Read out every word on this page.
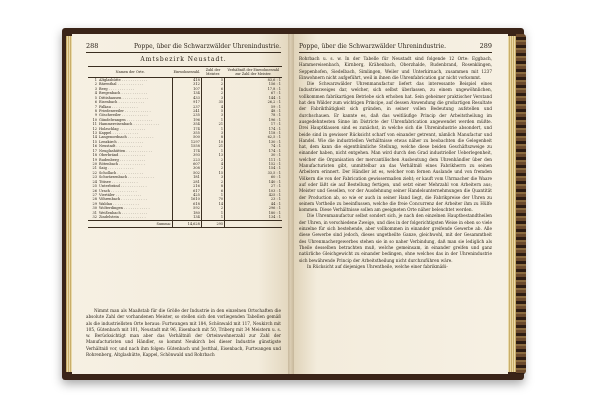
288	Poppe, über die Schwarzwälder Uhrenindustrie.
Amtsbezirk Neustadt.
Namen der Orte.		Einwohnerzahl.	Zahl der Meister.	Verhältniß der Einwohnerzahl zur Zahl der Meister.
1	Altglashütte . . . . . . . . . . . .	418	5	83,6 : 1
2	Bärenthal . . . . . . . . . . . .	312	2	156 : 1
3	Berg . . . . . . . . . . . .	107	6	17,8 : 1
4	Bregenbach . . . . . . . . . . . .	134	2	67 : 1
5	Dittishausen . . . . . . . . . . . .	433	3	144 : 1
6	Eisenbach . . . . . . . . . . . .	917	35	26,2 : 1
7	Falkau . . . . . . . . . . . .	237	4	59 : 1
8	Friedenweiler . . . . . . . . . . . .	241	5	48 : 1
9	Göschweiler . . . . . . . . . . . .	235	3	78 : 1
10	Gündelwangen . . . . . . . . . . . .	196	1	196 : 1
11	Hammereisenbach . . . . . . . . . . . .	354	21	17 : 1
12	Holzschlag . . . . . . . . . . . .	174	1	174 : 1
13	Kappel . . . . . . . . . . . .	355	3	118 : 1
14	Langenordnach . . . . . . . . . . . .	500	8	62,5 : 1
15	Lenzkirch . . . . . . . . . . . .	1297	10	130 : 1
16	Neustadt . . . . . . . . . . . .	1558	21	74 : 1
17	Neuglashütten . . . . . . . . . . . .	174	1	174 : 1
18	Oberbränd . . . . . . . . . . . .	393	13	30 : 1
19	Rudenberg . . . . . . . . . . . .	223	2	111 : 1
20	Rötenbach . . . . . . . . . . . .	607	4	152 : 1
21	Saig . . . . . . . . . . . .	308	2	154 : 1
22	Schollach . . . . . . . . . . . .	502	15	33,5 : 1
23	Schwärzenbach . . . . . . . . . . . .	181	3	60 : 1
24	Titisee . . . . . . . . . . . .	281	2	140 : 1
25	Unterbränd . . . . . . . . . . . .	216	8	27 : 1
26	Urach . . . . . . . . . . . .	617	6	103 : 1
27	Viertäler . . . . . . . . . . . .	425	1	425 : 1
28	Vöhrenbach . . . . . . . . . . . .	1610	70	23 : 1
29	Waldau . . . . . . . . . . . .	618	14	44 : 1
30	Wolterdingen . . . . . . . . . . . .	592	2	296 : 1
31	Weißenbach . . . . . . . . . . . .	180	1	180 : 1
32	Zindelstein . . . . . . . . . . . .	134	1	134 : 1
	Summa:	14,628	295	

Nimmt man als Maaßstab für die Größe der Industrie in den einzelnen Ortschaften die absolute Zahl der vorhandenen Meister, so stellen sich den vorliegenden Tabellen gemäß als die industriellsten Orte heraus: Furtwangen mit 184, Schönwald mit 117, Neukirch mit 105, Gütenbach mit 101, Neustadt mit 96, Eisenbach mit 50, Triberg mit 34 Meistern u. s. w. Berücksichtigt man aber das Verhältniß der Orteinwohnerzahl zur Zahl der Manufacturisten und Händler, so kommt Neukirch bei dieser Industrie günstigste Verhältniß vor, und nach ihm folgen: Gütenbach und Jostthal, Eisenbach, Furtwangen und Rohrenberg, Altglashütte, Kappel, Schönwald und Rohrbach

Poppe, über die Schwarzwälder Uhrenindustrie.	289

Rohrbach u. s. w. In der Tabelle für Neustadt sind folgende 12 Orte: Eggbach, Hammereisenbach, Kirnberg, Krähenbach, Oberzhalde, Rudenbrand, Rosenklingen, Seppenhofen, Siedelbach, Simlingen, Weiler und Unterkirnach, zusammen mit 1237 Einwohnern nicht aufgeführt, weil in ihnen die Uhrenfabrication gar nicht vorkommt.

Die Schwarzwälder Uhrenmanufactur liefert das interessante Beispiel eines Industriezweiges dar, welcher, sich selbst überlassen, zu einem ungewöhnlichen, vollkommen fabrikartigen Betriebe sich erhoben hat. Sein geheimer praktischer Verstand hat den Wälder zum wichtigen Principe, auf dessen Anwendung die großartigen Resultate der Fabrikthätigkeit sich gründen, in seiner vollen Bedeutung aufstellen und durchschauen. Er kannte es, daß das weitläufige Princip der Arbeitstheilung im ausgedehntesten Sinne im Districte der Uhrenfabrication angewendet werden müßte. Drei Hauptklassen sind es zunächst, in welche sich die Uhrenindustrie absondert, und beide sind in gewisser Rücksicht scharf von einander getrennt, nämlich Manufactur und Handel. Wie die industriellen Verhältnisse etwas näher zu beobachten die Gelegenheit hat, dem kann die eigenthümliche Stellung, welche diese beiden Geschäftszweige zu einander haben, nicht entgehen. Man wird durch den Grad industrieller Ueberlegenheit, welcher die Organisation der mercantilischen Ausbeutung dem Uhrenhändler über den Manufacturisten gibt, unmittelbar an das Verhältniß eines Fabrikherrn zu seinen Arbeitern erinnert. Der Händler ist es, welcher vom fernen Auslande und von fremden Völkern die von der Fabrication gewissermaßen zieht; er kauft vom Uhrmacher die Waare auf oder läßt sie auf Bestellung fertigen, und setzt einer Mehrzahl von Arbeitern aus; Meister und Gesellen, vor der Ausdehnung seiner Handelsunternehmungen die Quantität der Production ab, so wie er auch in seiner Hand liegt, die Fabrikpreise der Uhren zu seinem Vortheile zu beeinflussen, welche die freie Concurrenz der Arbeiter ihm zu Hülfe kommen. Diese Verhältnisse sollen am geeigneten Orte näher beleuchtet werden.

Die Uhrenmanufactur selbst sondert sich, je nach den einzelnen Hauptbestandtheilen der Uhren, in verschiedene Zweige, und dies in der folgerichtigsten Weise in eben so viele einzelne für sich bestehende, aber vollkommen in einander greifende Gewerbe ab. Alle diese Gewerbe sind jedoch, dieses ungetheilte Ganze, gleichwohl, mit der Gesammtheit des Uhrenmachergewerbes stehen sie in so naher Verbindung, daß man sie lediglich als Theile desselben betrachten muß, welche gemeinsam, in einander greifen und ganz natürliche Gleichgewicht zu einander bedingen, ohne welches das in der Uhrenindustrie sich bewährende Princip der Arbeitstheilung nicht durchzuführen wäre.

In Rücksicht auf diejenigen Uhrentheile, welche einer fabrikmäßi-
